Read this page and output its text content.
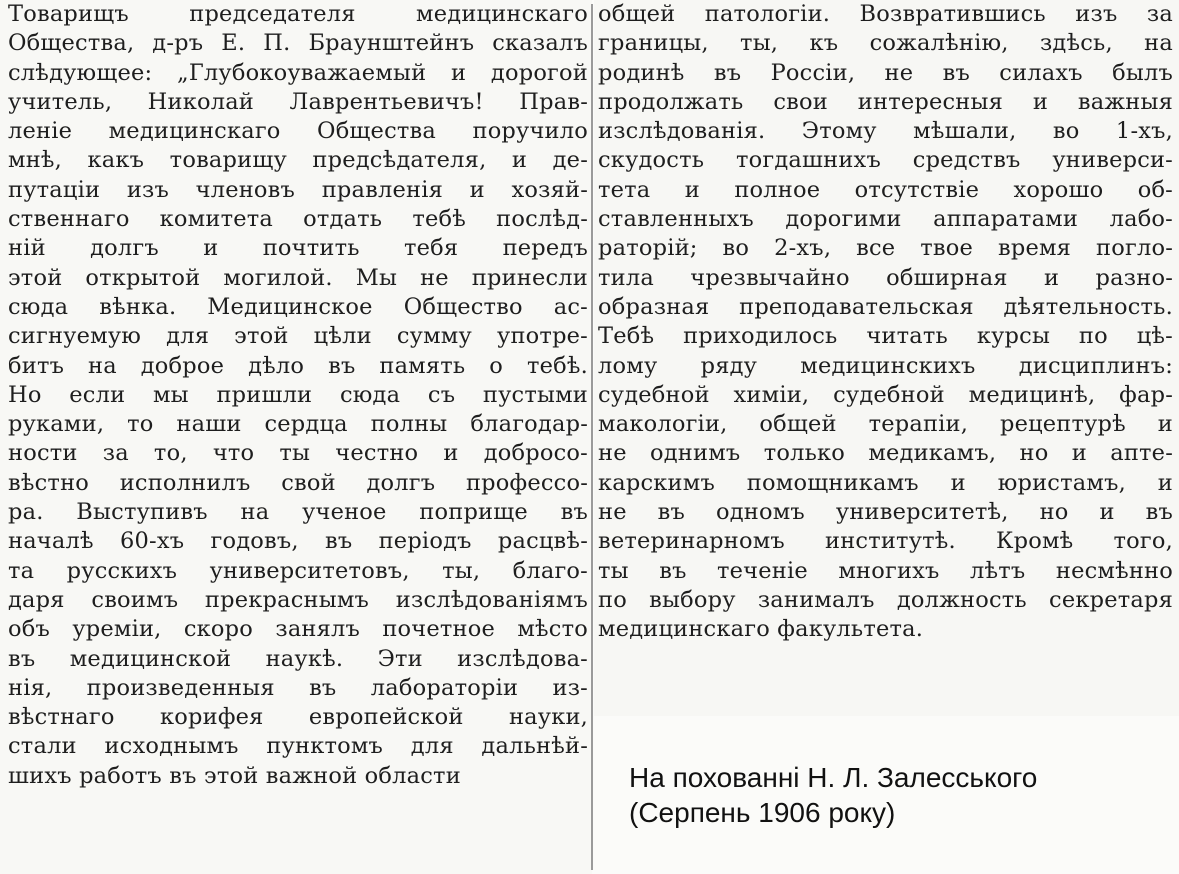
Товарищъ председателя медицинскаго
Общества, д-ръ Е. П. Браунштейнъ сказалъ
слѣдующее: „Глубокоуважаемый и дорогой
учитель, Николай Лаврентьевичъ! Прав-
леніе медицинскаго Общества поручило
мнѣ, какъ товарищу предсѣдателя, и де-
путаціи изъ членовъ правленія и хозяй-
ственнаго комитета отдать тебѣ послѣд-
ній долгъ и почтить тебя передъ
этой открытой могилой. Мы не принесли
сюда вѣнка. Медицинское Общество ас-
сигнуемую для этой цѣли сумму употре-
битъ на доброе дѣло въ память о тебѣ.
Но если мы пришли сюда съ пустыми
руками, то наши сердца полны благодар-
ности за то, что ты честно и добросо-
вѣстно исполнилъ свой долгъ профессо-
ра. Выступивъ на ученое поприще въ
началѣ 60-хъ годовъ, въ періодъ расцвѣ-
та русскихъ университетовъ, ты, благо-
даря своимъ прекраснымъ изслѣдованіямъ
объ уреміи, скоро занялъ почетное мѣсто
въ медицинской наукѣ. Эти изслѣдова-
нія, произведенныя въ лабораторіи из-
вѣстнаго корифея европейской науки,
стали исходнымъ пунктомъ для дальнѣй-
шихъ работъ въ этой важной области
общей патологіи. Возвратившись изъ за
границы, ты, къ сожалѣнію, здѣсь, на
родинѣ въ Россіи, не въ силахъ былъ
продолжать свои интересныя и важныя
изслѣдованія. Этому мѣшали, во 1-хъ,
скудость тогдашнихъ средствъ универси-
тета и полное отсутствіе хорошо об-
ставленныхъ дорогими аппаратами лабо-
раторій; во 2-хъ, все твое время погло-
тила чрезвычайно обширная и разно-
образная преподавательская дѣятельность.
Тебѣ приходилось читать курсы по цѣ-
лому ряду медицинскихъ дисциплинъ:
судебной химіи, судебной медицинѣ, фар-
макологіи, общей терапіи, рецептурѣ и
не однимъ только медикамъ, но и апте-
карскимъ помощникамъ и юристамъ, и
не въ одномъ университетѣ, но и въ
ветеринарномъ институтѣ. Кромѣ того,
ты въ теченіе многихъ лѣтъ несмѣнно
по выбору занималъ должность секретаря
медицинскаго факультета.
На похованні Н. Л. Залесського
(Серпень 1906 року)
